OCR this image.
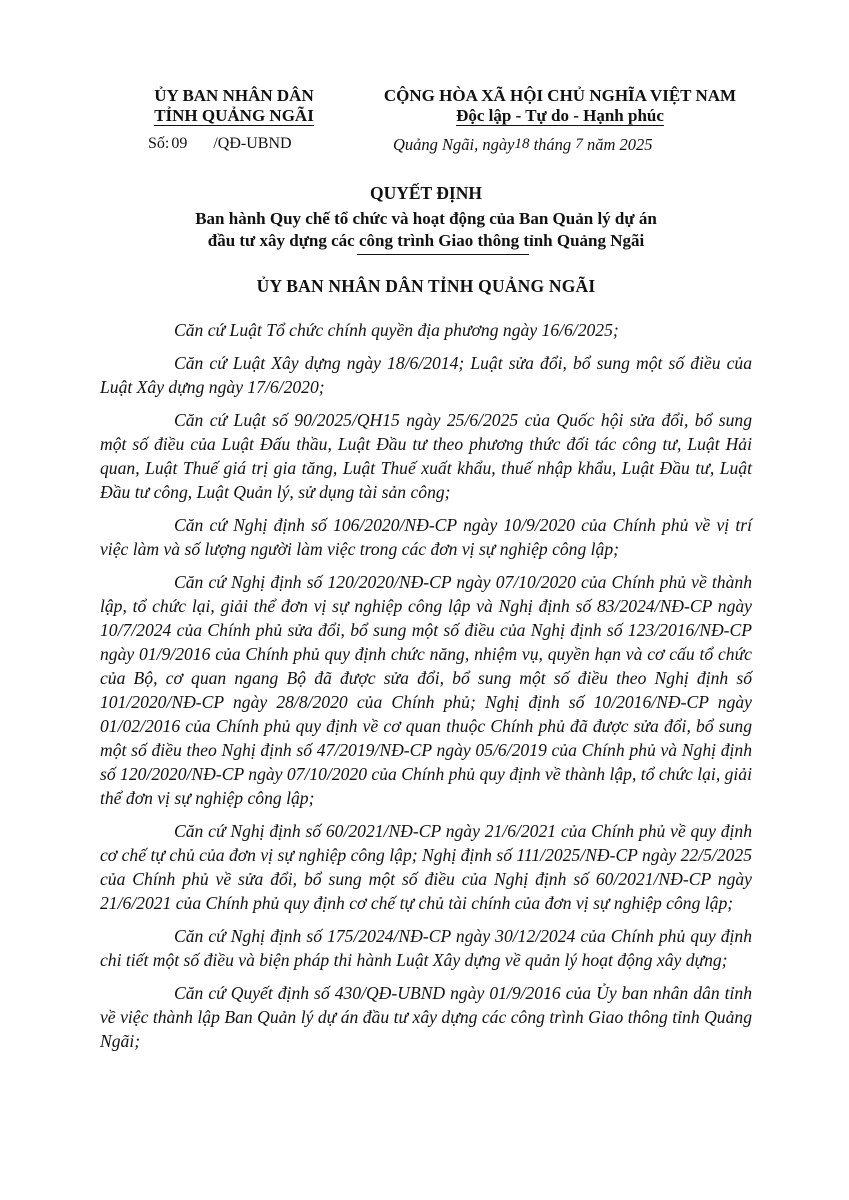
ỦY BAN NHÂN DÂN
TỈNH QUẢNG NGÃI
CỘNG HÒA XÃ HỘI CHỦ NGHĨA VIỆT NAM
Độc lập - Tự do - Hạnh phúc
Số: 09 /QĐ-UBND	Quảng Ngãi, ngày18 tháng 7 năm 2025
QUYẾT ĐỊNH
Ban hành Quy chế tổ chức và hoạt động của Ban Quản lý dự án
đầu tư xây dựng các công trình Giao thông tỉnh Quảng Ngãi
ỦY BAN NHÂN DÂN TỈNH QUẢNG NGÃI

Căn cứ Luật Tổ chức chính quyền địa phương ngày 16/6/2025;

Căn cứ Luật Xây dựng ngày 18/6/2014; Luật sửa đổi, bổ sung một số điều của Luật Xây dựng ngày 17/6/2020;

Căn cứ Luật số 90/2025/QH15 ngày 25/6/2025 của Quốc hội sửa đổi, bổ sung một số điều của Luật Đấu thầu, Luật Đầu tư theo phương thức đối tác công tư, Luật Hải quan, Luật Thuế giá trị gia tăng, Luật Thuế xuất khẩu, thuế nhập khẩu, Luật Đầu tư, Luật Đầu tư công, Luật Quản lý, sử dụng tài sản công;

Căn cứ Nghị định số 106/2020/NĐ-CP ngày 10/9/2020 của Chính phủ về vị trí việc làm và số lượng người làm việc trong các đơn vị sự nghiệp công lập;

Căn cứ Nghị định số 120/2020/NĐ-CP ngày 07/10/2020 của Chính phủ về thành lập, tổ chức lại, giải thể đơn vị sự nghiệp công lập và Nghị định số 83/2024/NĐ-CP ngày 10/7/2024 của Chính phủ sửa đổi, bổ sung một số điều của Nghị định số 123/2016/NĐ-CP ngày 01/9/2016 của Chính phủ quy định chức năng, nhiệm vụ, quyền hạn và cơ cấu tổ chức của Bộ, cơ quan ngang Bộ đã được sửa đổi, bổ sung một số điều theo Nghị định số 101/2020/NĐ-CP ngày 28/8/2020 của Chính phủ; Nghị định số 10/2016/NĐ-CP ngày 01/02/2016 của Chính phủ quy định về cơ quan thuộc Chính phủ đã được sửa đổi, bổ sung một số điều theo Nghị định số 47/2019/NĐ-CP ngày 05/6/2019 của Chính phủ và Nghị định số 120/2020/NĐ-CP ngày 07/10/2020 của Chính phủ quy định về thành lập, tổ chức lại, giải thể đơn vị sự nghiệp công lập;

Căn cứ Nghị định số 60/2021/NĐ-CP ngày 21/6/2021 của Chính phủ về quy định cơ chế tự chủ của đơn vị sự nghiệp công lập; Nghị định số 111/2025/NĐ-CP ngày 22/5/2025 của Chính phủ về sửa đổi, bổ sung một số điều của Nghị định số 60/2021/NĐ-CP ngày 21/6/2021 của Chính phủ quy định cơ chế tự chủ tài chính của đơn vị sự nghiệp công lập;

Căn cứ Nghị định số 175/2024/NĐ-CP ngày 30/12/2024 của Chính phủ quy định chi tiết một số điều và biện pháp thi hành Luật Xây dựng về quản lý hoạt động xây dựng;

Căn cứ Quyết định số 430/QĐ-UBND ngày 01/9/2016 của Ủy ban nhân dân tỉnh về việc thành lập Ban Quản lý dự án đầu tư xây dựng các công trình Giao thông tỉnh Quảng Ngãi;
